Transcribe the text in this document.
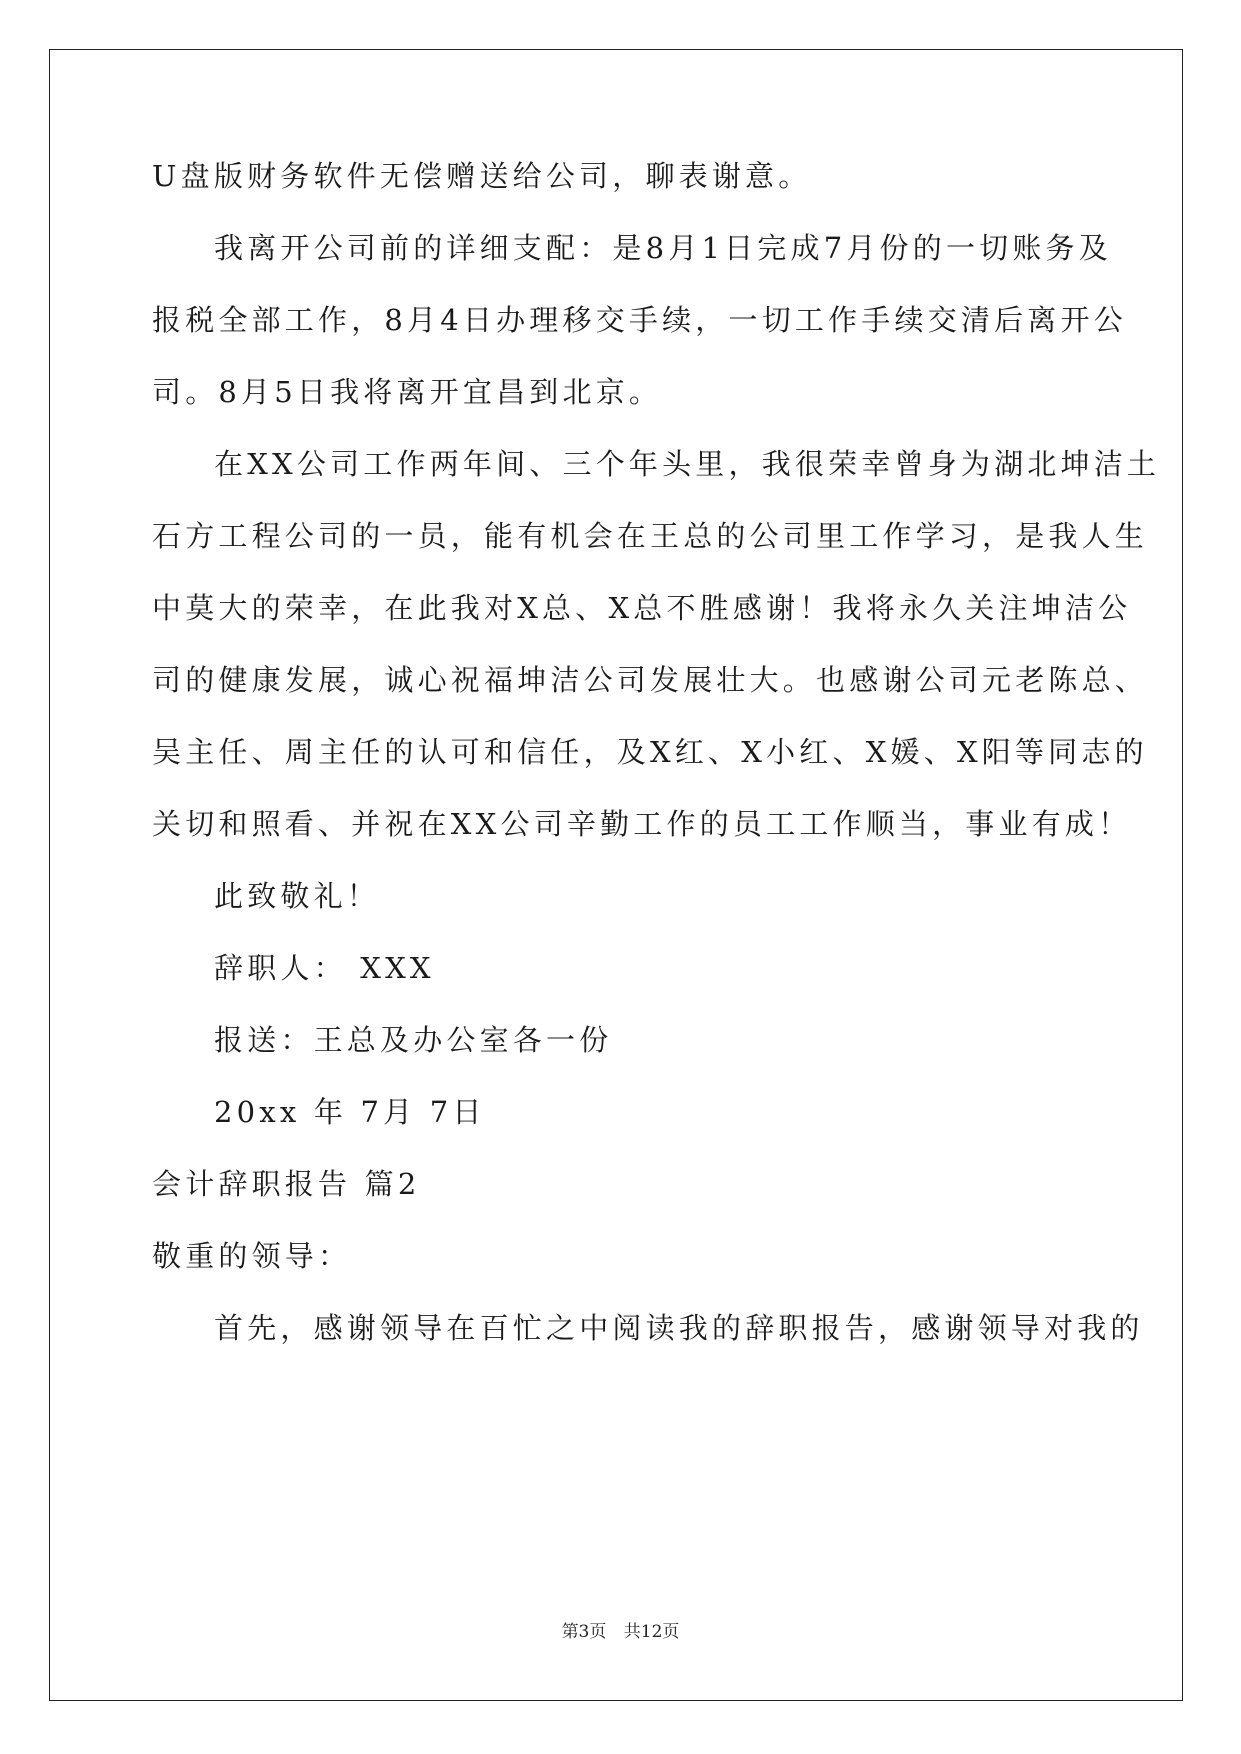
U盘版财务软件无偿赠送给公司，聊表谢意。
我离开公司前的详细支配：是8月1日完成7月份的一切账务及
报税全部工作，8月4日办理移交手续，一切工作手续交清后离开公
司。8月5日我将离开宜昌到北京。
在XX公司工作两年间、三个年头里，我很荣幸曾身为湖北坤洁土
石方工程公司的一员，能有机会在王总的公司里工作学习，是我人生
中莫大的荣幸，在此我对X总、X总不胜感谢！我将永久关注坤洁公
司的健康发展，诚心祝福坤洁公司发展壮大。也感谢公司元老陈总、
吴主任、周主任的认可和信任，及X红、X小红、X媛、X阳等同志的
关切和照看、并祝在XX公司辛勤工作的员工工作顺当，事业有成！
此致敬礼！
辞职人： XXX
报送：王总及办公室各一份
20xx 年 7月 7日
会计辞职报告 篇2
敬重的领导：
首先，感谢领导在百忙之中阅读我的辞职报告，感谢领导对我的
第3页 共12页
